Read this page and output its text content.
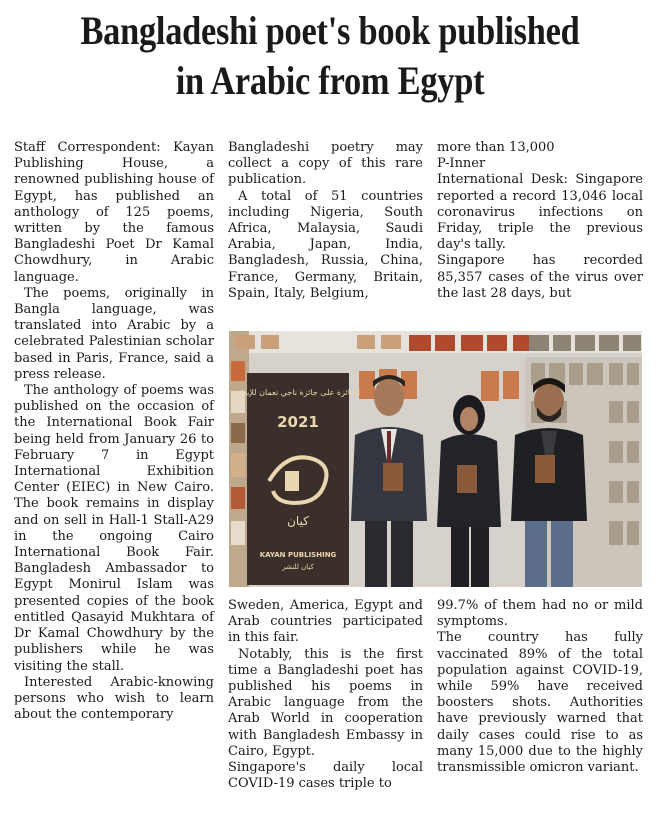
Bangladeshi poet's book published
in Arabic from Egypt

Staff Correspondent: Kayan Publishing House, a renowned publishing house of Egypt, has published an anthology of 125 poems, written by the famous Bangladeshi Poet Dr Kamal Chowdhury, in Arabic language.

The poems, originally in Bangla language, was translated into Arabic by a celebrated Palestinian scholar based in Paris, France, said a press release.

The anthology of poems was published on the occasion of the International Book Fair being held from January 26 to February 7 in Egypt International Exhibition Center (EIEC) in New Cairo. The book remains in display and on sell in Hall-1 Stall-A29 in the ongoing Cairo International Book Fair. Bangladesh Ambassador to Egypt Monirul Islam was presented copies of the book entitled Qasayid Mukhtara of Dr Kamal Chowdhury by the publishers while he was visiting the stall.

Interested Arabic-knowing persons who wish to learn about the contemporary

Bangladeshi poetry may collect a copy of this rare publication.

A total of 51 countries including Nigeria, South Africa, Malaysia, Saudi Arabia, Japan, India, Bangladesh, Russia, China, France, Germany, Britain, Spain, Italy, Belgium,

more than 13,000

P-Inner

International Desk: Singapore reported a record 13,046 local coronavirus infections on Friday, triple the previous day's tally.

Singapore has recorded 85,357 cases of the virus over the last 28 days, but

الجائزة على جائزة ناجي نعمان للإبداع
2021
كيان
KAYAN PUBLISHING
كيان للنشر

Sweden, America, Egypt and Arab countries participated in this fair.

Notably, this is the first time a Bangladeshi poet has published his poems in Arabic language from the Arab World in cooperation with Bangladesh Embassy in Cairo, Egypt.

Singapore's daily local COVID-19 cases triple to

99.7% of them had no or mild symptoms.

The country has fully vaccinated 89% of the total population against COVID-19, while 59% have received boosters shots. Authorities have previously warned that daily cases could rise to as many 15,000 due to the highly transmissible omicron variant.
